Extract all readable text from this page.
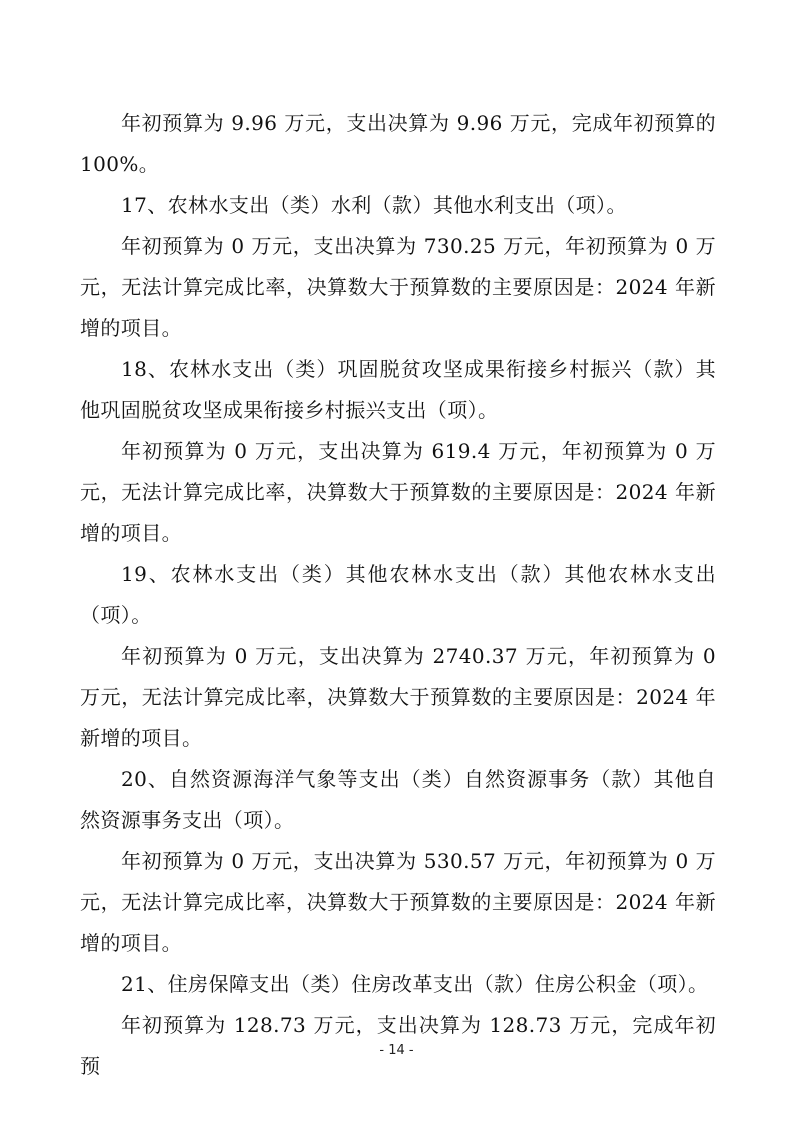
年初预算为 9.96 万元，支出决算为 9.96 万元，完成年初预算的100%。

17、农林水支出（类）水利（款）其他水利支出（项）。

年初预算为 0 万元，支出决算为 730.25 万元，年初预算为 0 万元，无法计算完成比率，决算数大于预算数的主要原因是：2024 年新增的项目。

18、农林水支出（类）巩固脱贫攻坚成果衔接乡村振兴（款）其他巩固脱贫攻坚成果衔接乡村振兴支出（项）。

年初预算为 0 万元，支出决算为 619.4 万元，年初预算为 0 万元，无法计算完成比率，决算数大于预算数的主要原因是：2024 年新增的项目。

19、农林水支出（类）其他农林水支出（款）其他农林水支出（项）。

年初预算为 0 万元，支出决算为 2740.37 万元，年初预算为 0 万元，无法计算完成比率，决算数大于预算数的主要原因是：2024 年新增的项目。

20、自然资源海洋气象等支出（类）自然资源事务（款）其他自然资源事务支出（项）。

年初预算为 0 万元，支出决算为 530.57 万元，年初预算为 0 万元，无法计算完成比率，决算数大于预算数的主要原因是：2024 年新增的项目。

21、住房保障支出（类）住房改革支出（款）住房公积金（项）。

年初预算为 128.73 万元，支出决算为 128.73 万元，完成年初预

- 14 -
